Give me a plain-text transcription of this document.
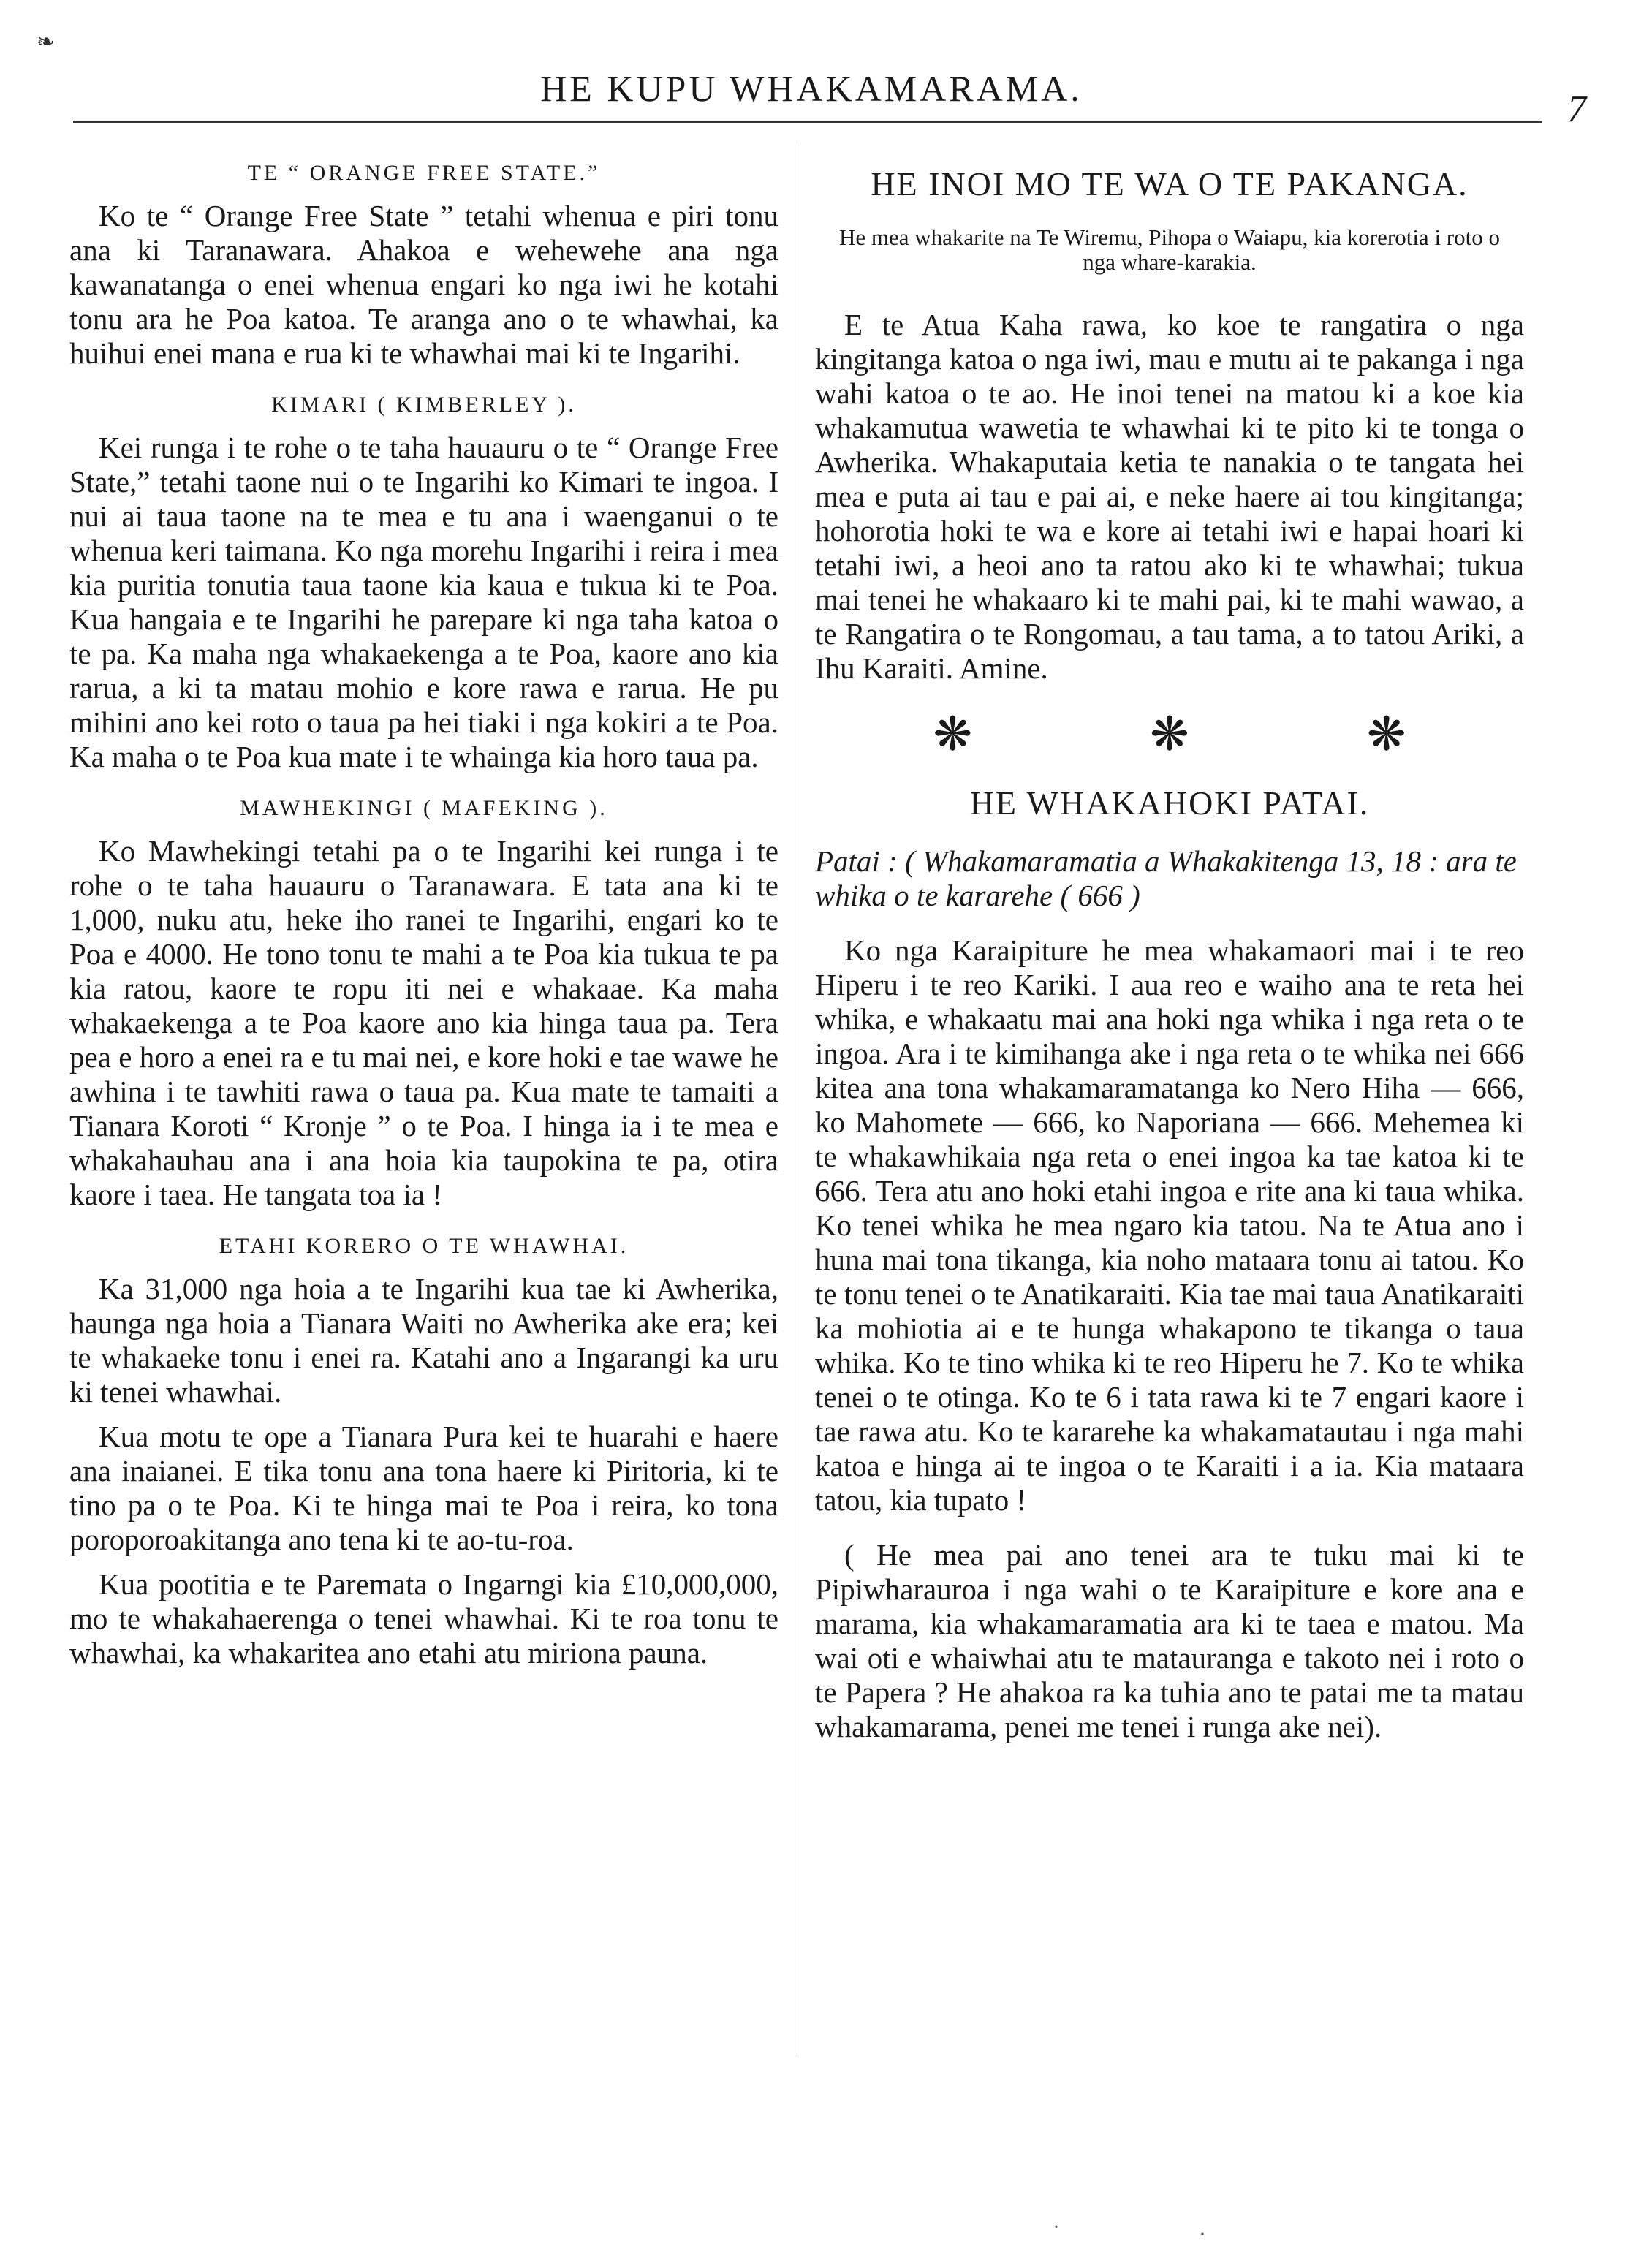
❧
HE KUPU WHAKAMARAMA.	7
TE “ ORANGE FREE STATE.”

Ko te “ Orange Free State ” tetahi whenua e piri tonu ana ki Taranawara. Ahakoa e wehewehe ana nga kawanatanga o enei whenua engari ko nga iwi he kotahi tonu ara he Poa katoa. Te aranga ano o te whawhai, ka huihui enei mana e rua ki te whawhai mai ki te Ingarihi.

KIMARI ( KIMBERLEY ).

Kei runga i te rohe o te taha hauauru o te “ Orange Free State,” tetahi taone nui o te Ingarihi ko Kimari te ingoa. I nui ai taua taone na te mea e tu ana i waenganui o te whenua keri taimana. Ko nga morehu Ingarihi i reira i mea kia puritia tonutia taua taone kia kaua e tukua ki te Poa. Kua hangaia e te Ingarihi he parepare ki nga taha katoa o te pa. Ka maha nga whakaekenga a te Poa, kaore ano kia rarua, a ki ta matau mohio e kore rawa e rarua. He pu mihini ano kei roto o taua pa hei tiaki i nga kokiri a te Poa. Ka maha o te Poa kua mate i te whainga kia horo taua pa.

MAWHEKINGI ( MAFEKING ).

Ko Mawhekingi tetahi pa o te Ingarihi kei runga i te rohe o te taha hauauru o Taranawara. E tata ana ki te 1,000, nuku atu, heke iho ranei te Ingarihi, engari ko te Poa e 4000. He tono tonu te mahi a te Poa kia tukua te pa kia ratou, kaore te ropu iti nei e whakaae. Ka maha whakaekenga a te Poa kaore ano kia hinga taua pa. Tera pea e horo a enei ra e tu mai nei, e kore hoki e tae wawe he awhina i te tawhiti rawa o taua pa. Kua mate te tamaiti a Tianara Koroti “ Kronje ” o te Poa. I hinga ia i te mea e whakahauhau ana i ana hoia kia taupokina te pa, otira kaore i taea. He tangata toa ia !

ETAHI KORERO O TE WHAWHAI.

Ka 31,000 nga hoia a te Ingarihi kua tae ki Awherika, haunga nga hoia a Tianara Waiti no Awherika ake era; kei te whakaeke tonu i enei ra. Katahi ano a Ingarangi ka uru ki tenei whawhai.

Kua motu te ope a Tianara Pura kei te huarahi e haere ana inaianei. E tika tonu ana tona haere ki Piritoria, ki te tino pa o te Poa. Ki te hinga mai te Poa i reira, ko tona poroporoakitanga ano tena ki te ao-tu-roa.

Kua pootitia e te Paremata o Ingarngi kia £10,000,000, mo te whakahaerenga o tenei whawhai. Ki te roa tonu te whawhai, ka whakaritea ano etahi atu miriona pauna.

HE INOI MO TE WA O TE PAKANGA.
He mea whakarite na Te Wiremu, Pihopa o Waiapu, kia korerotia i roto o nga whare-karakia.

E te Atua Kaha rawa, ko koe te rangatira o nga kingitanga katoa o nga iwi, mau e mutu ai te pakanga i nga wahi katoa o te ao. He inoi tenei na matou ki a koe kia whakamutua wawetia te whawhai ki te pito ki te tonga o Awherika. Whakaputaia ketia te nanakia o te tangata hei mea e puta ai tau e pai ai, e neke haere ai tou kingitanga; hohorotia hoki te wa e kore ai tetahi iwi e hapai hoari ki tetahi iwi, a heoi ano ta ratou ako ki te whawhai; tukua mai tenei he whakaaro ki te mahi pai, ki te mahi wawao, a te Rangatira o te Rongomau, a tau tama, a to tatou Ariki, a Ihu Karaiti. Amine.

❋	❋	❋
HE WHAKAHOKI PATAI.

Patai : ( Whakamaramatia a Whakakitenga 13, 18 : ara te whika o te kararehe ( 666 )

Ko nga Karaipiture he mea whakamaori mai i te reo Hiperu i te reo Kariki. I aua reo e waiho ana te reta hei whika, e whakaatu mai ana hoki nga whika i nga reta o te ingoa. Ara i te kimihanga ake i nga reta o te whika nei 666 kitea ana tona whakamaramatanga ko Nero Hiha — 666, ko Mahomete — 666, ko Naporiana — 666. Mehemea ki te whakawhikaia nga reta o enei ingoa ka tae katoa ki te 666. Tera atu ano hoki etahi ingoa e rite ana ki taua whika. Ko tenei whika he mea ngaro kia tatou. Na te Atua ano i huna mai tona tikanga, kia noho mataara tonu ai tatou. Ko te tonu tenei o te Anatikaraiti. Kia tae mai taua Anatikaraiti ka mohiotia ai e te hunga whakapono te tikanga o taua whika. Ko te tino whika ki te reo Hiperu he 7. Ko te whika tenei o te otinga. Ko te 6 i tata rawa ki te 7 engari kaore i tae rawa atu. Ko te kararehe ka whakamatautau i nga mahi katoa e hinga ai te ingoa o te Karaiti i a ia. Kia mataara tatou, kia tupato !

( He mea pai ano tenei ara te tuku mai ki te Pipiwharauroa i nga wahi o te Karaipiture e kore ana e marama, kia whakamaramatia ara ki te taea e matou. Ma wai oti e whaiwhai atu te matauranga e takoto nei i roto o te Papera ? He ahakoa ra ka tuhia ano te patai me ta matau whakamarama, penei me tenei i runga ake nei).

·	·
